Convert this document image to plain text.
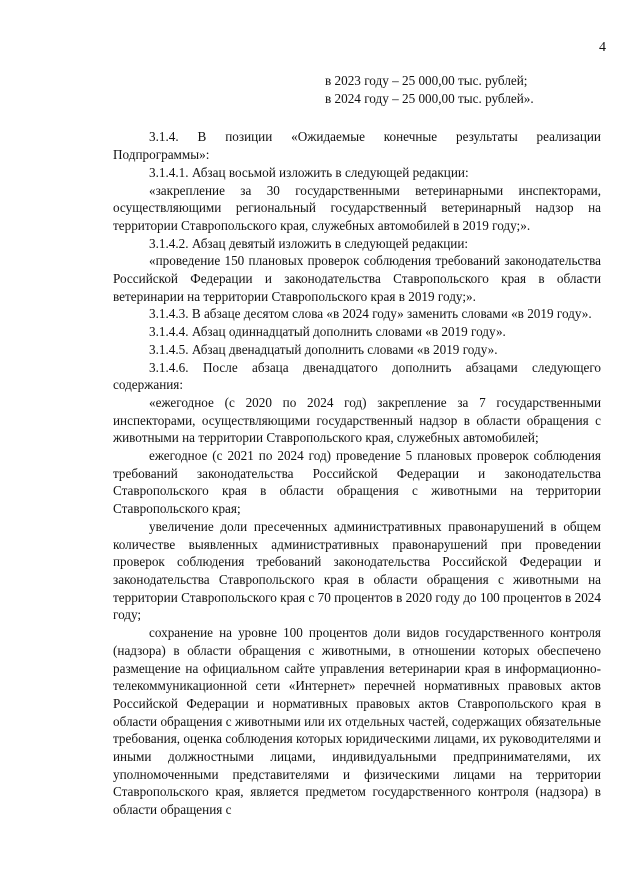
4
в 2023 году – 25 000,00 тыс. рублей;
в 2024 году – 25 000,00 тыс. рублей».

3.1.4. В позиции «Ожидаемые конечные результаты реализации Подпрограммы»:

3.1.4.1. Абзац восьмой изложить в следующей редакции:

«закрепление за 30 государственными ветеринарными инспекторами, осуществляющими региональный государственный ветеринарный надзор на территории Ставропольского края, служебных автомобилей в 2019 году;».

3.1.4.2. Абзац девятый изложить в следующей редакции:

«проведение 150 плановых проверок соблюдения требований законодательства Российской Федерации и законодательства Ставропольского края в области ветеринарии на территории Ставропольского края в 2019 году;».

3.1.4.3. В абзаце десятом слова «в 2024 году» заменить словами «в 2019 году».

3.1.4.4. Абзац одиннадцатый дополнить словами «в 2019 году».

3.1.4.5. Абзац двенадцатый дополнить словами «в 2019 году».

3.1.4.6. После абзаца двенадцатого дополнить абзацами следующего содержания:

«ежегодное (с 2020 по 2024 год) закрепление за 7 государственными инспекторами, осуществляющими государственный надзор в области обращения с животными на территории Ставропольского края, служебных автомобилей;

ежегодное (с 2021 по 2024 год) проведение 5 плановых проверок соблюдения требований законодательства Российской Федерации и законодательства Ставропольского края в области обращения с животными на территории Ставропольского края;

увеличение доли пресеченных административных правонарушений в общем количестве выявленных административных правонарушений при проведении проверок соблюдения требований законодательства Российской Федерации и законодательства Ставропольского края в области обращения с животными на территории Ставропольского края с 70 процентов в 2020 году до 100 процентов в 2024 году;

сохранение на уровне 100 процентов доли видов государственного контроля (надзора) в области обращения с животными, в отношении которых обеспечено размещение на официальном сайте управления ветеринарии края в информационно-телекоммуникационной сети «Интернет» перечней нормативных правовых актов Российской Федерации и нормативных правовых актов Ставропольского края в области обращения с животными или их отдельных частей, содержащих обязательные требования, оценка соблюдения которых юридическими лицами, их руководителями и иными должностными лицами, индивидуальными предпринимателями, их уполномоченными представителями и физическими лицами на территории Ставропольского края, является предметом государственного контроля (надзора) в области обращения с
